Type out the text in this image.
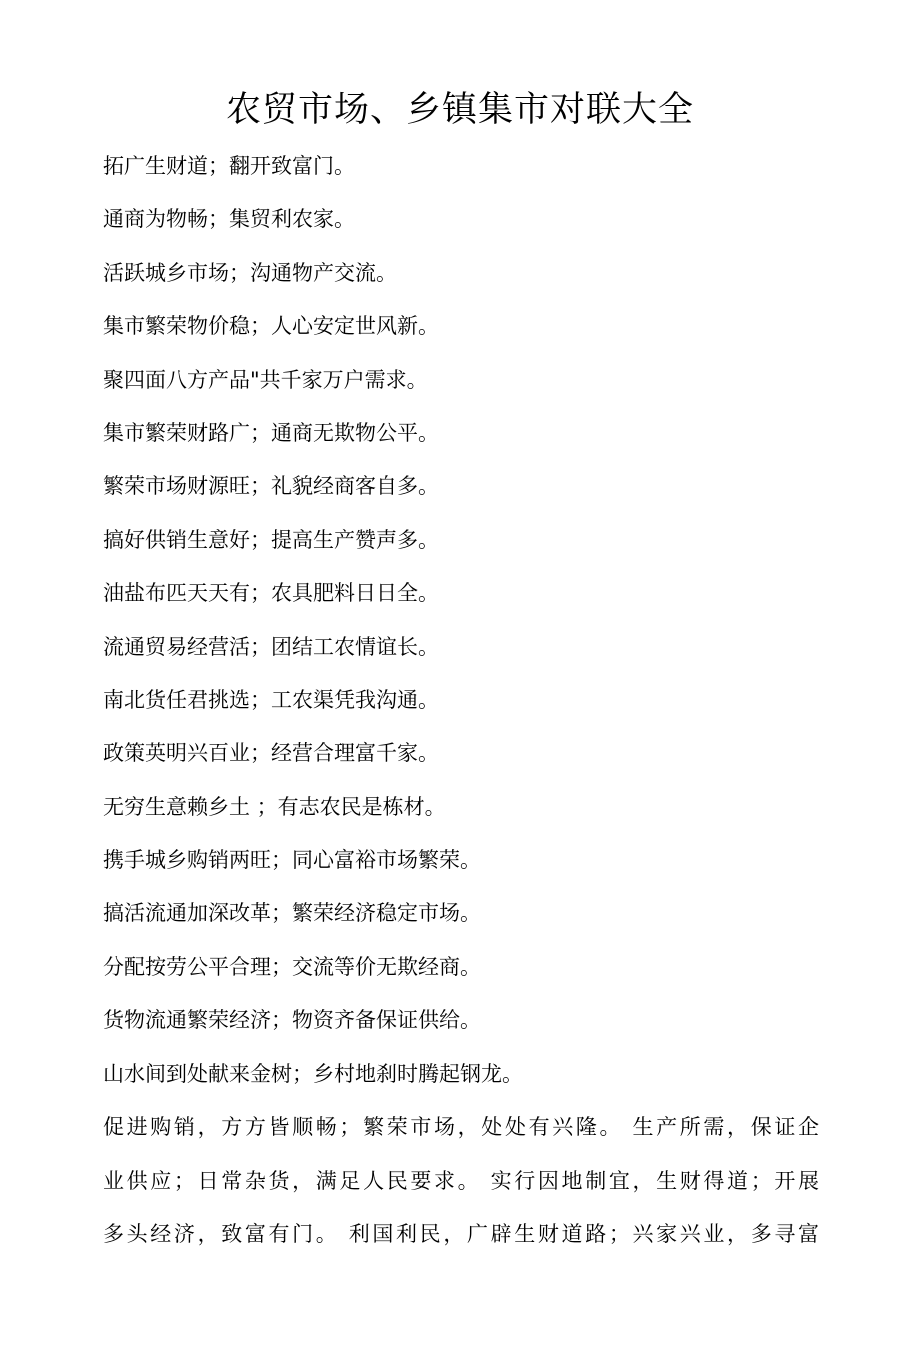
农贸市场、乡镇集市对联大全
拓广生财道；翻开致富门。
通商为物畅；集贸利农家。
活跃城乡市场；沟通物产交流。
集市繁荣物价稳；人心安定世风新。
聚四面八方产品"共千家万户需求。
集市繁荣财路广；通商无欺物公平。
繁荣市场财源旺；礼貌经商客自多。
搞好供销生意好；提高生产赞声多。
油盐布匹天天有；农具肥料日日全。
流通贸易经营活；团结工农情谊长。
南北货任君挑选；工农渠凭我沟通。
政策英明兴百业；经营合理富千家。
无穷生意赖乡土 ；有志农民是栋材。
携手城乡购销两旺；同心富裕市场繁荣。
搞活流通加深改革；繁荣经济稳定市场。
分配按劳公平合理；交流等价无欺经商。
货物流通繁荣经济；物资齐备保证供给。
山水间到处献来金树；乡村地刹时腾起钢龙。
促进购销，方方皆顺畅；繁荣市场，处处有兴隆。 生产所需，保证企
业供应；日常杂货，满足人民要求。 实行因地制宜，生财得道；开展
多头经济，致富有门。 利国利民，广辟生财道路；兴家兴业，多寻富
